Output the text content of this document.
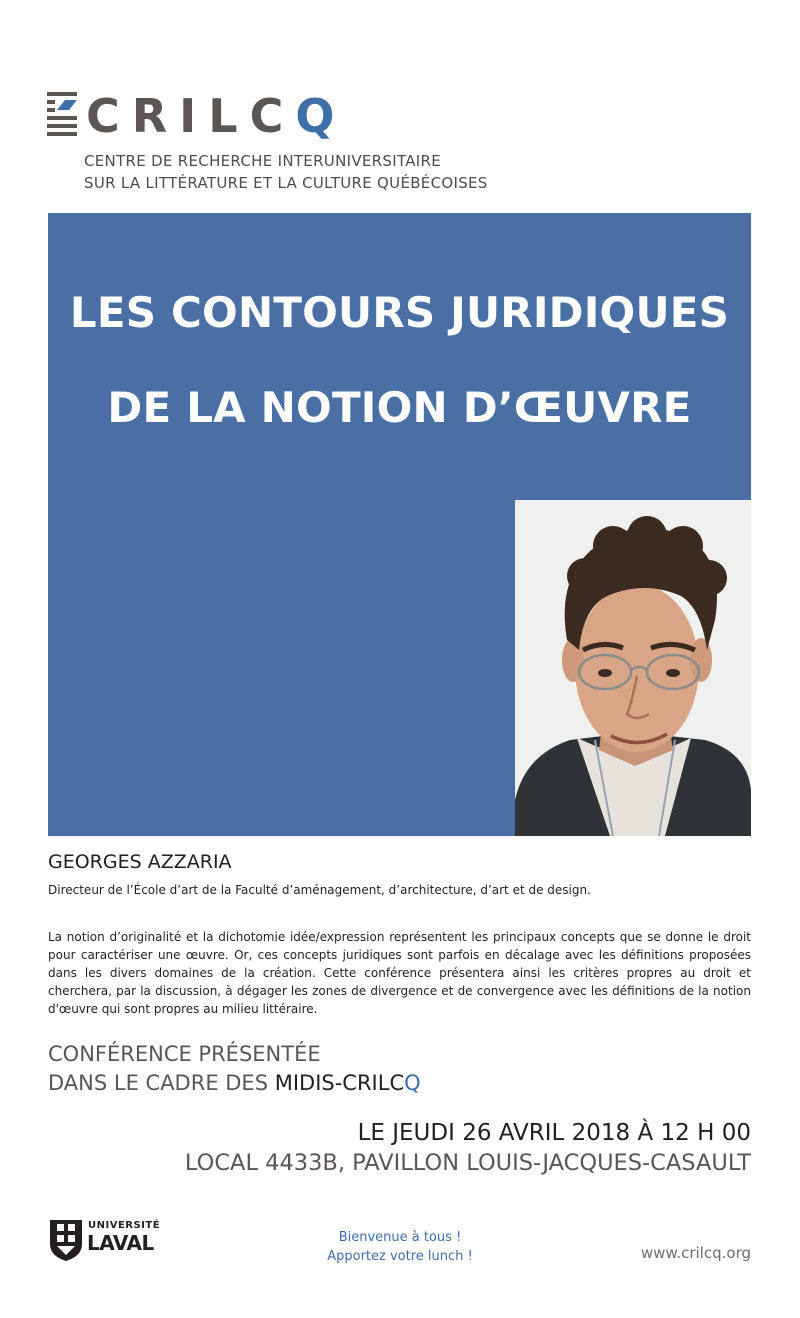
CRILCQ
CENTRE DE RECHERCHE INTERUNIVERSITAIRE
SUR LA LITTÉRATURE ET LA CULTURE QUÉBÉCOISES
LES CONTOURS JURIDIQUES
DE LA NOTION D’ŒUVRE
GEORGES AZZARIA
Directeur de l’École d’art de la Faculté d’aménagement, d’architecture, d’art et de design.

La notion d’originalité et la dichotomie idée/expression représentent les principaux concepts que se donne le droit pour caractériser une œuvre. Or, ces concepts juridiques sont parfois en décalage avec les définitions proposées dans les divers domaines de la création. Cette conférence présentera ainsi les critères propres au droit et cherchera, par la discussion, à dégager les zones de divergence et de convergence avec les définitions de la notion d'œuvre qui sont propres au milieu littéraire.

CONFÉRENCE PRÉSENTÉE
DANS LE CADRE DES MIDIS-CRILCQ
LE JEUDI 26 AVRIL 2018 À 12 H 00
LOCAL 4433B, PAVILLON LOUIS-JACQUES-CASAULT
UNIVERSITÉ
LAVAL	Bienvenue à tous !
Apportez votre lunch !	www.crilcq.org
